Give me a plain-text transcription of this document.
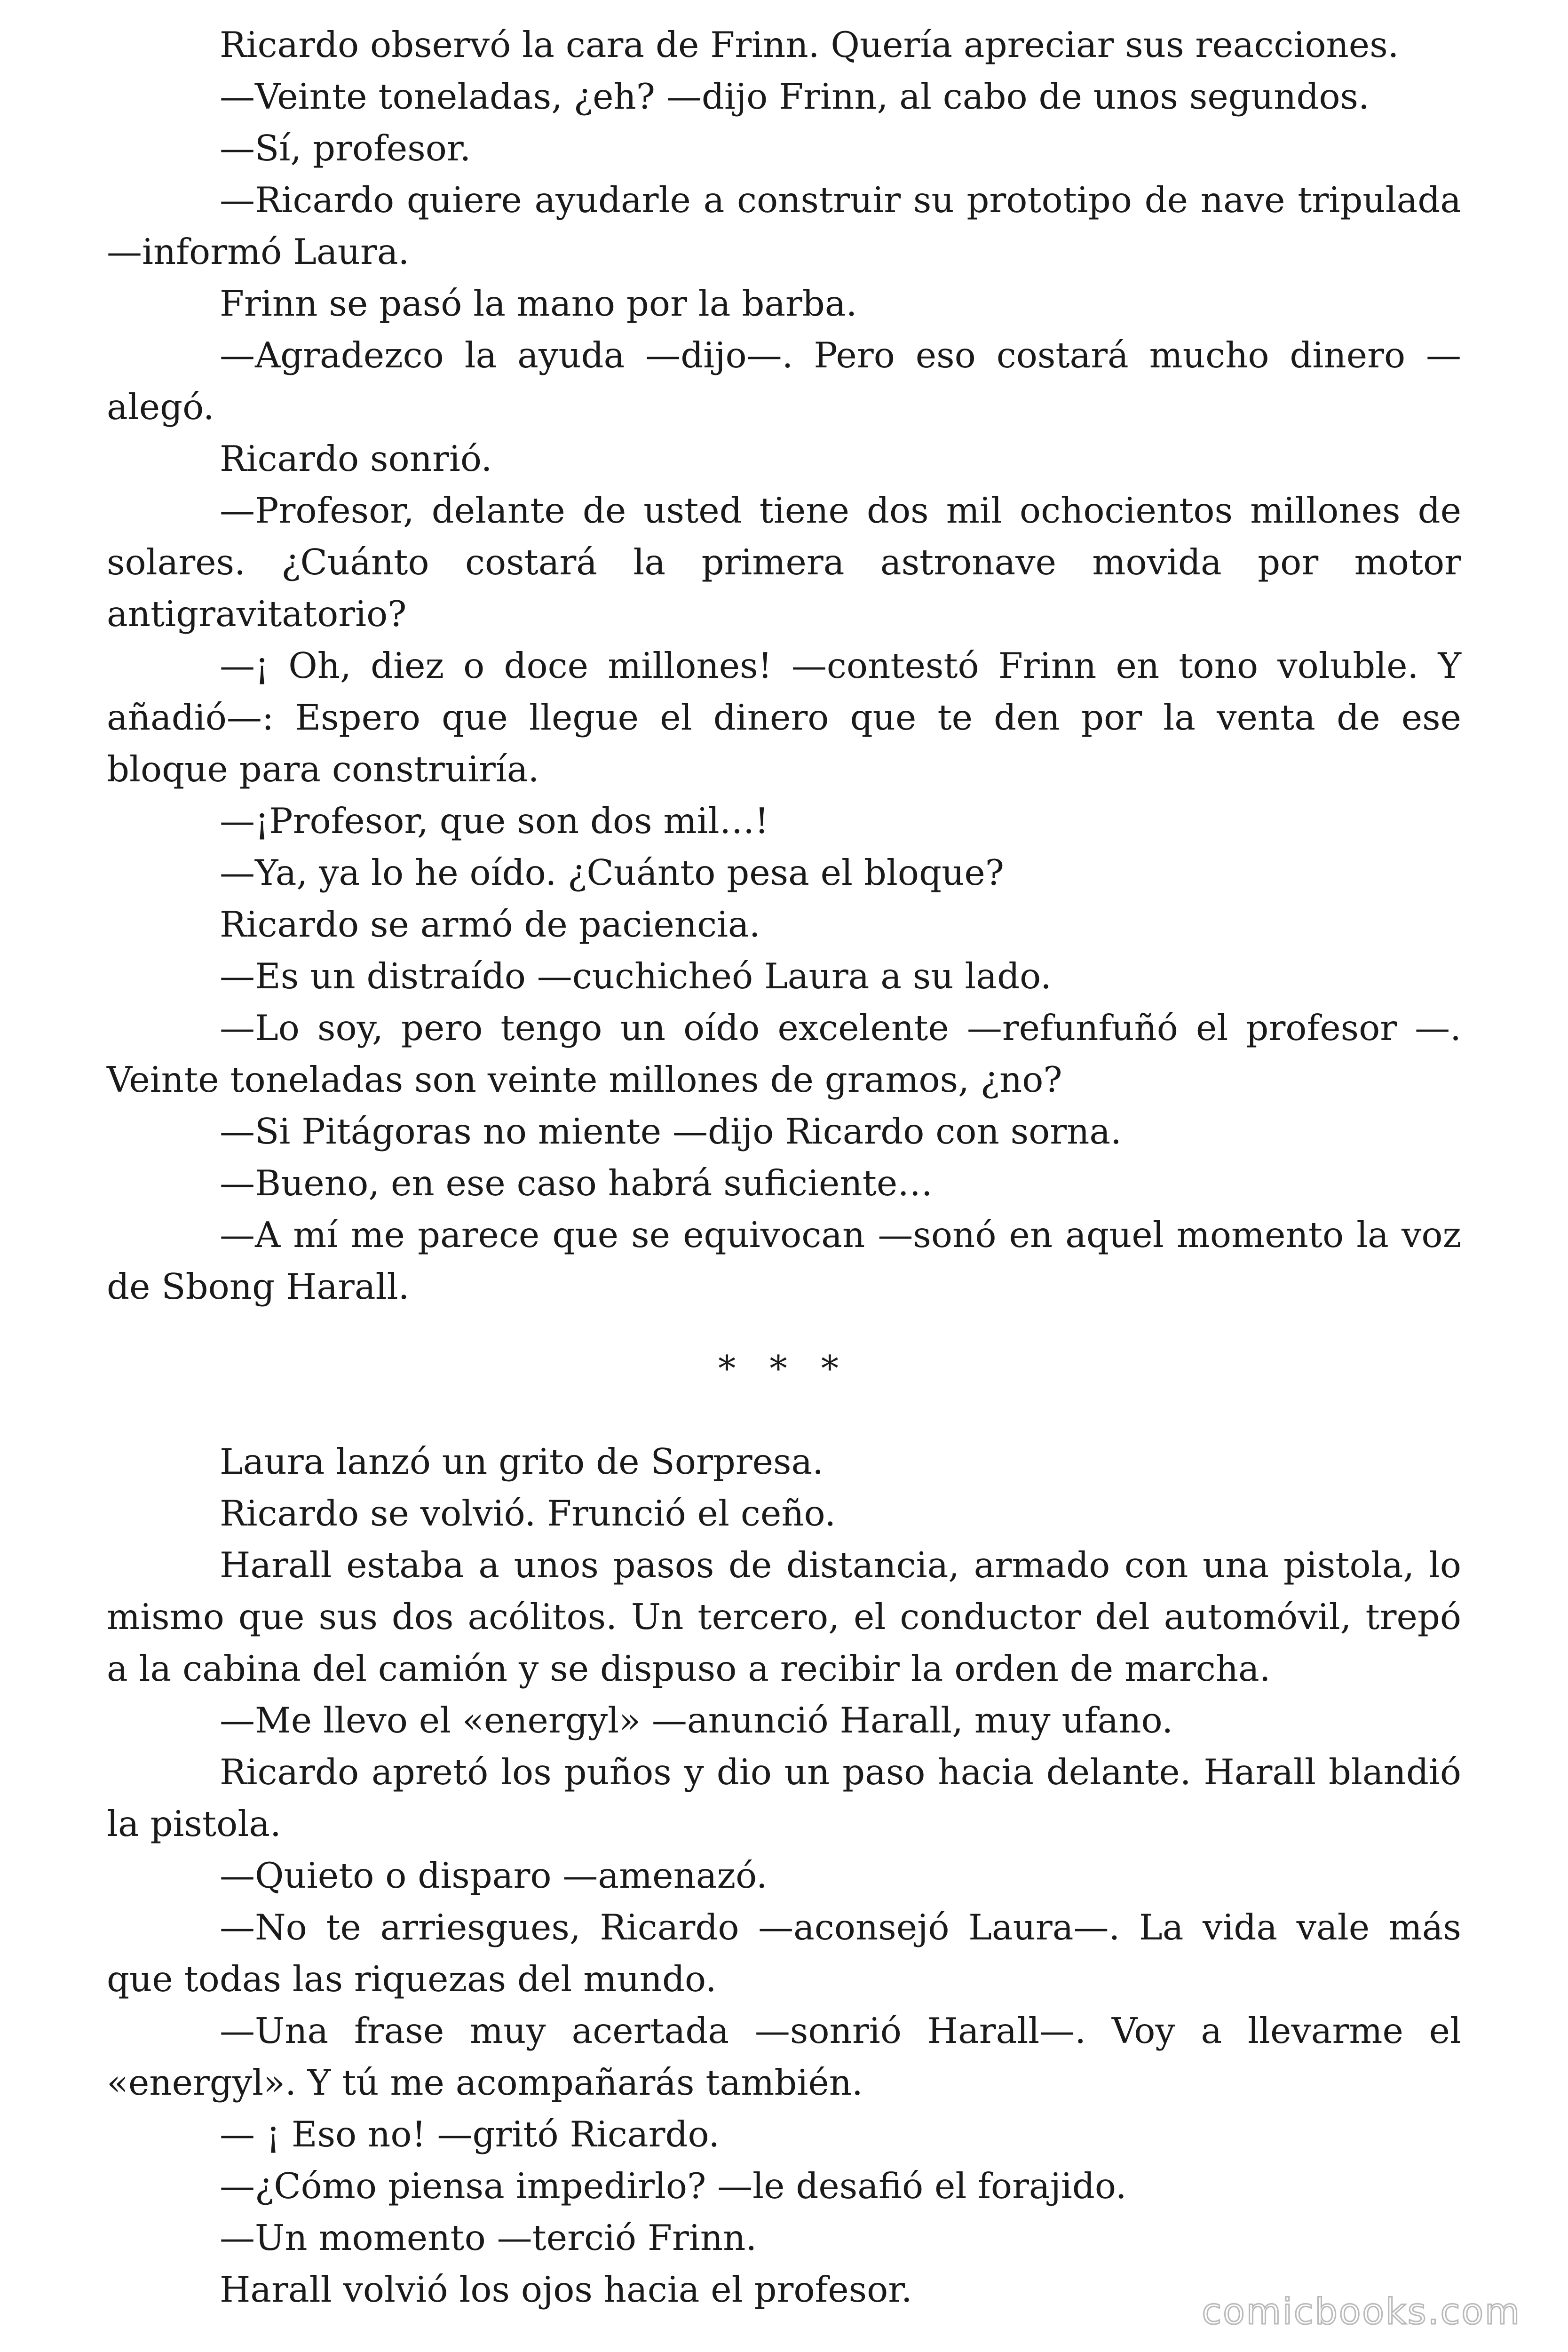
Ricardo observó la cara de Frinn. Quería apreciar sus reacciones.

—Veinte toneladas, ¿eh? —dijo Frinn, al cabo de unos segundos.

—Sí, profesor.

—Ricardo quiere ayudarle a construir su prototipo de nave tripulada —informó Laura.

Frinn se pasó la mano por la barba.

—Agradezco la ayuda —dijo—. Pero eso costará mucho dinero —alegó.

Ricardo sonrió.

—Profesor, delante de usted tiene dos mil ochocientos millones de solares. ¿Cuánto costará la primera astronave movida por motor antigravitatorio?

—¡ Oh, diez o doce millones! —contestó Frinn en tono voluble. Y añadió—: Espero que llegue el dinero que te den por la venta de ese bloque para construiría.

—¡Profesor, que son dos mil…!

—Ya, ya lo he oído. ¿Cuánto pesa el bloque?

Ricardo se armó de paciencia.

—Es un distraído —cuchicheó Laura a su lado.

—Lo soy, pero tengo un oído excelente —refunfuñó el profesor —. Veinte toneladas son veinte millones de gramos, ¿no?

—Si Pitágoras no miente —dijo Ricardo con sorna.

—Bueno, en ese caso habrá suficiente…

—A mí me parece que se equivocan —sonó en aquel momento la voz de Sbong Harall.

* * *

Laura lanzó un grito de Sorpresa.

Ricardo se volvió. Frunció el ceño.

Harall estaba a unos pasos de distancia, armado con una pistola, lo mismo que sus dos acólitos. Un tercero, el conductor del automóvil, trepó a la cabina del camión y se dispuso a recibir la orden de marcha.

—Me llevo el «energyl» —anunció Harall, muy ufano.

Ricardo apretó los puños y dio un paso hacia delante. Harall blandió la pistola.

—Quieto o disparo —amenazó.

—No te arriesgues, Ricardo —aconsejó Laura—. La vida vale más que todas las riquezas del mundo.

—Una frase muy acertada —sonrió Harall—. Voy a llevarme el «energyl». Y tú me acompañarás también.

— ¡ Eso no! —gritó Ricardo.

—¿Cómo piensa impedirlo? —le desafió el forajido.

—Un momento —terció Frinn.

Harall volvió los ojos hacia el profesor.

comicbooks.com
